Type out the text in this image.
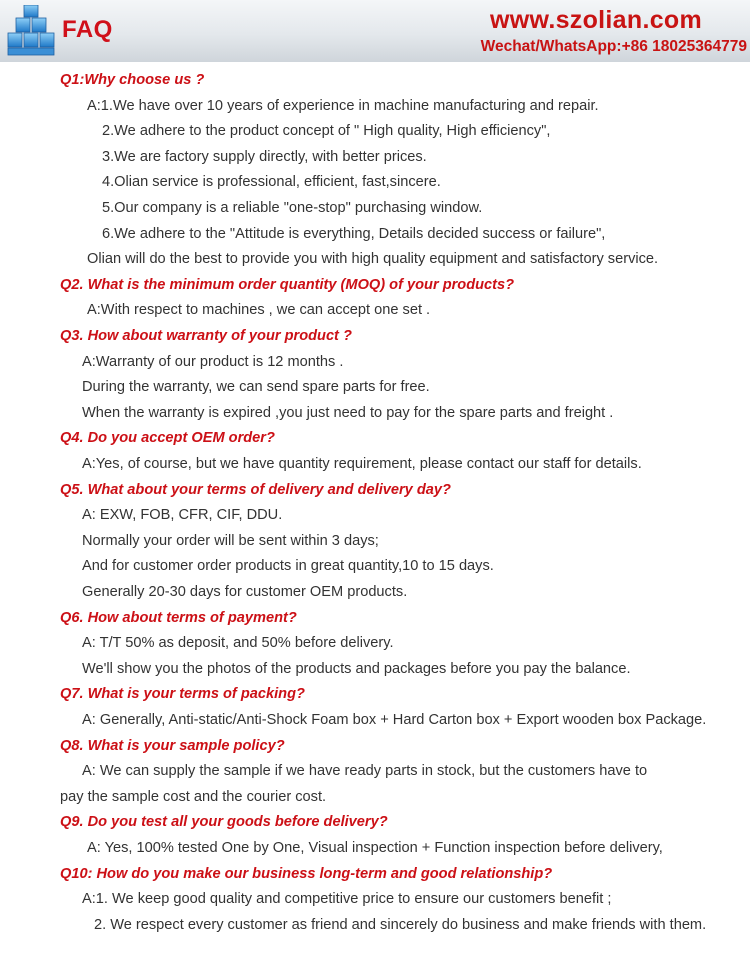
FAQ	www.szolian.com
Wechat/WhatsApp:+86 18025364779
Q1:Why choose us ?
A:1.We have over 10 years of experience in machine manufacturing and repair.
2.We adhere to the product concept of " High quality, High efficiency",
3.We are factory supply directly, with better prices.
4.Olian service is professional, efficient, fast,sincere.
5.Our company is a reliable "one-stop" purchasing window.
6.We adhere to the "Attitude is everything, Details decided success or failure",
Olian will do the best to provide you with high quality equipment and satisfactory service.
Q2. What is the minimum order quantity (MOQ) of your products?
A:With respect to machines , we can accept one set .
Q3. How about warranty of your product ?
A:Warranty of our product is 12 months .
During the warranty, we can send spare parts for free.
When the warranty is expired ,you just need to pay for the spare parts and freight .
Q4. Do you accept OEM order?
A:Yes, of course, but we have quantity requirement, please contact our staff for details.
Q5. What about your terms of delivery and delivery day?
A: EXW, FOB, CFR, CIF, DDU.
Normally your order will be sent within 3 days;
And for customer order products in great quantity,10 to 15 days.
Generally 20-30 days for customer OEM products.
Q6. How about terms of payment?
A: T/T 50% as deposit, and 50% before delivery.
We'll show you the photos of the products and packages before you pay the balance.
Q7. What is your terms of packing?
A: Generally, Anti-static/Anti-Shock Foam box + Hard Carton box + Export wooden box Package.
Q8. What is your sample policy?
A: We can supply the sample if we have ready parts in stock, but the customers have to
pay the sample cost and the courier cost.
Q9. Do you test all your goods before delivery?
A: Yes, 100% tested One by One, Visual inspection + Function inspection before delivery,
Q10: How do you make our business long-term and good relationship?
A:1. We keep good quality and competitive price to ensure our customers benefit ;
2. We respect every customer as friend and sincerely do business and make friends with them.
